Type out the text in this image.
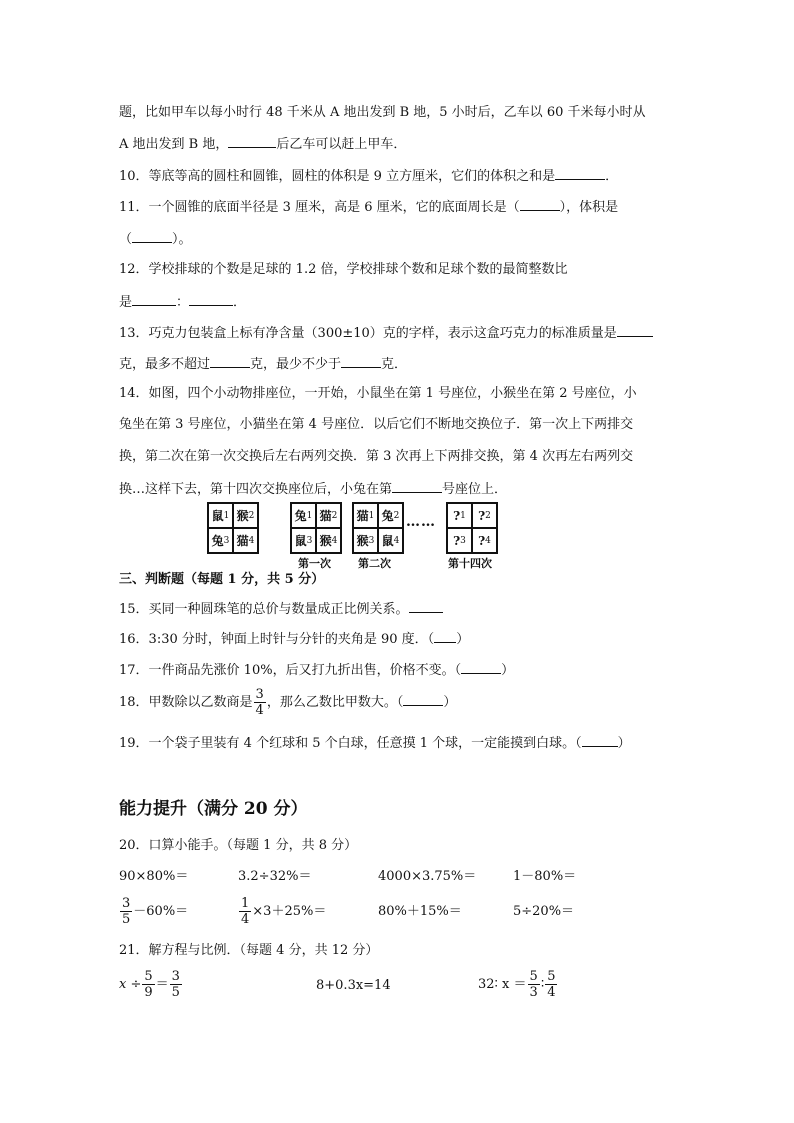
题，比如甲车以每小时行 48 千米从 A 地出发到 B 地，5 小时后，乙车以 60 千米每小时从
A 地出发到 B 地，	后乙车可以赶上甲车．
10．等底等高的圆柱和圆锥，圆柱的体积是 9 立方厘米，它们的体积之和是	．
11．一个圆锥的底面半径是 3 厘米，高是 6 厘米，它的底面周长是（	），体积是
（	）。
12．学校排球的个数是足球的 1.2 倍，学校排球个数和足球个数的最简整数比
是	：	．
13．巧克力包装盒上标有净含量（300±10）克的字样，表示这盒巧克力的标准质量是
克，最多不超过	克，最少不少于	克．
14．如图，四个小动物排座位，一开始，小鼠坐在第 1 号座位，小猴坐在第 2 号座位，小
兔坐在第 3 号座位，小猫坐在第 4 号座位．以后它们不断地交换位子．第一次上下两排交
换，第二次在第一次交换后左右两列交换．第 3 次再上下两排交换，第 4 次再左右两列交
换…这样下去，第十四次交换座位后，小兔在第	号座位上．
鼠 1 猴 2
兔 3 猫 4
兔 1 猫 2
鼠 3 猴 4
猫 1 兔 2
猴 3 鼠 4
…… ? 1 ? 2
? 3 ? 4
第一次 第二次	第十四次
三、判断题（每题 1 分，共 5 分）
15．买同一种圆珠笔的总价与数量成正比例关系。
16．3:30 分时，钟面上时针与分针的夹角是 90 度．（ ）
17．一件商品先涨价 10%，后又打九折出售，价格不变。（	）
18．甲数除以乙数商是 $\frac{3}{4}$ ，那么乙数比甲数大。（	）
19．一个袋子里装有 4 个红球和 5 个白球，任意摸 1 个球，一定能摸到白球。（	）
能力提升（满分 20 分）
20．口算小能手。（每题 1 分，共 8 分）
90×80%＝	3.2÷32%＝	4000×3.75%＝	1－80%＝
$\frac{3}{5} -60\%=$	$\frac{1}{4} \times 3+25\%=$	80%＋15%＝	5÷20%＝
21．解方程与比例．（每题 4 分，共 12 分）
$x \div \frac{5}{9} = \frac{3}{5}$	8+0.3x=14	32∶ $x = \frac{5}{3}$ ∶ $\frac{5}{4}$
